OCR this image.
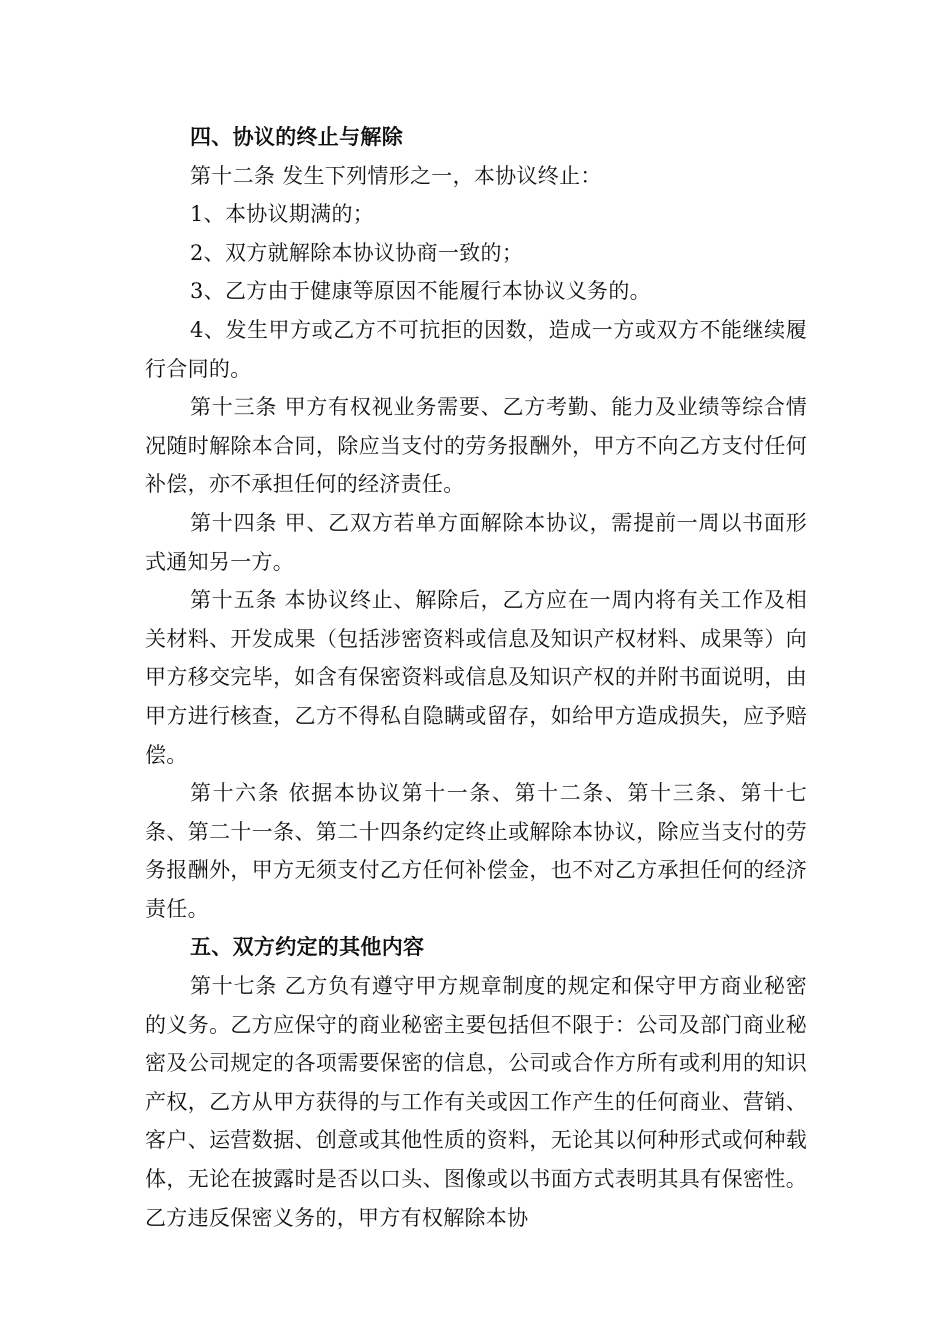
四、协议的终止与解除

第十二条 发生下列情形之一，本协议终止：

1、本协议期满的；

2、双方就解除本协议协商一致的；

3、乙方由于健康等原因不能履行本协议义务的。

4、发生甲方或乙方不可抗拒的因数，造成一方或双方不能继续履行合同的。

第十三条 甲方有权视业务需要、乙方考勤、能力及业绩等综合情况随时解除本合同，除应当支付的劳务报酬外，甲方不向乙方支付任何补偿，亦不承担任何的经济责任。

第十四条 甲、乙双方若单方面解除本协议，需提前一周以书面形式通知另一方。

第十五条 本协议终止、解除后，乙方应在一周内将有关工作及相关材料、开发成果（包括涉密资料或信息及知识产权材料、成果等）向甲方移交完毕，如含有保密资料或信息及知识产权的并附书面说明，由甲方进行核查，乙方不得私自隐瞒或留存，如给甲方造成损失，应予赔偿。

第十六条 依据本协议第十一条、第十二条、第十三条、第十七条、第二十一条、第二十四条约定终止或解除本协议，除应当支付的劳务报酬外，甲方无须支付乙方任何补偿金，也不对乙方承担任何的经济责任。

五、双方约定的其他内容

第十七条 乙方负有遵守甲方规章制度的规定和保守甲方商业秘密的义务。乙方应保守的商业秘密主要包括但不限于：公司及部门商业秘密及公司规定的各项需要保密的信息，公司或合作方所有或利用的知识产权，乙方从甲方获得的与工作有关或因工作产生的任何商业、营销、客户、运营数据、创意或其他性质的资料，无论其以何种形式或何种载体，无论在披露时是否以口头、图像或以书面方式表明其具有保密性。乙方违反保密义务的，甲方有权解除本协
